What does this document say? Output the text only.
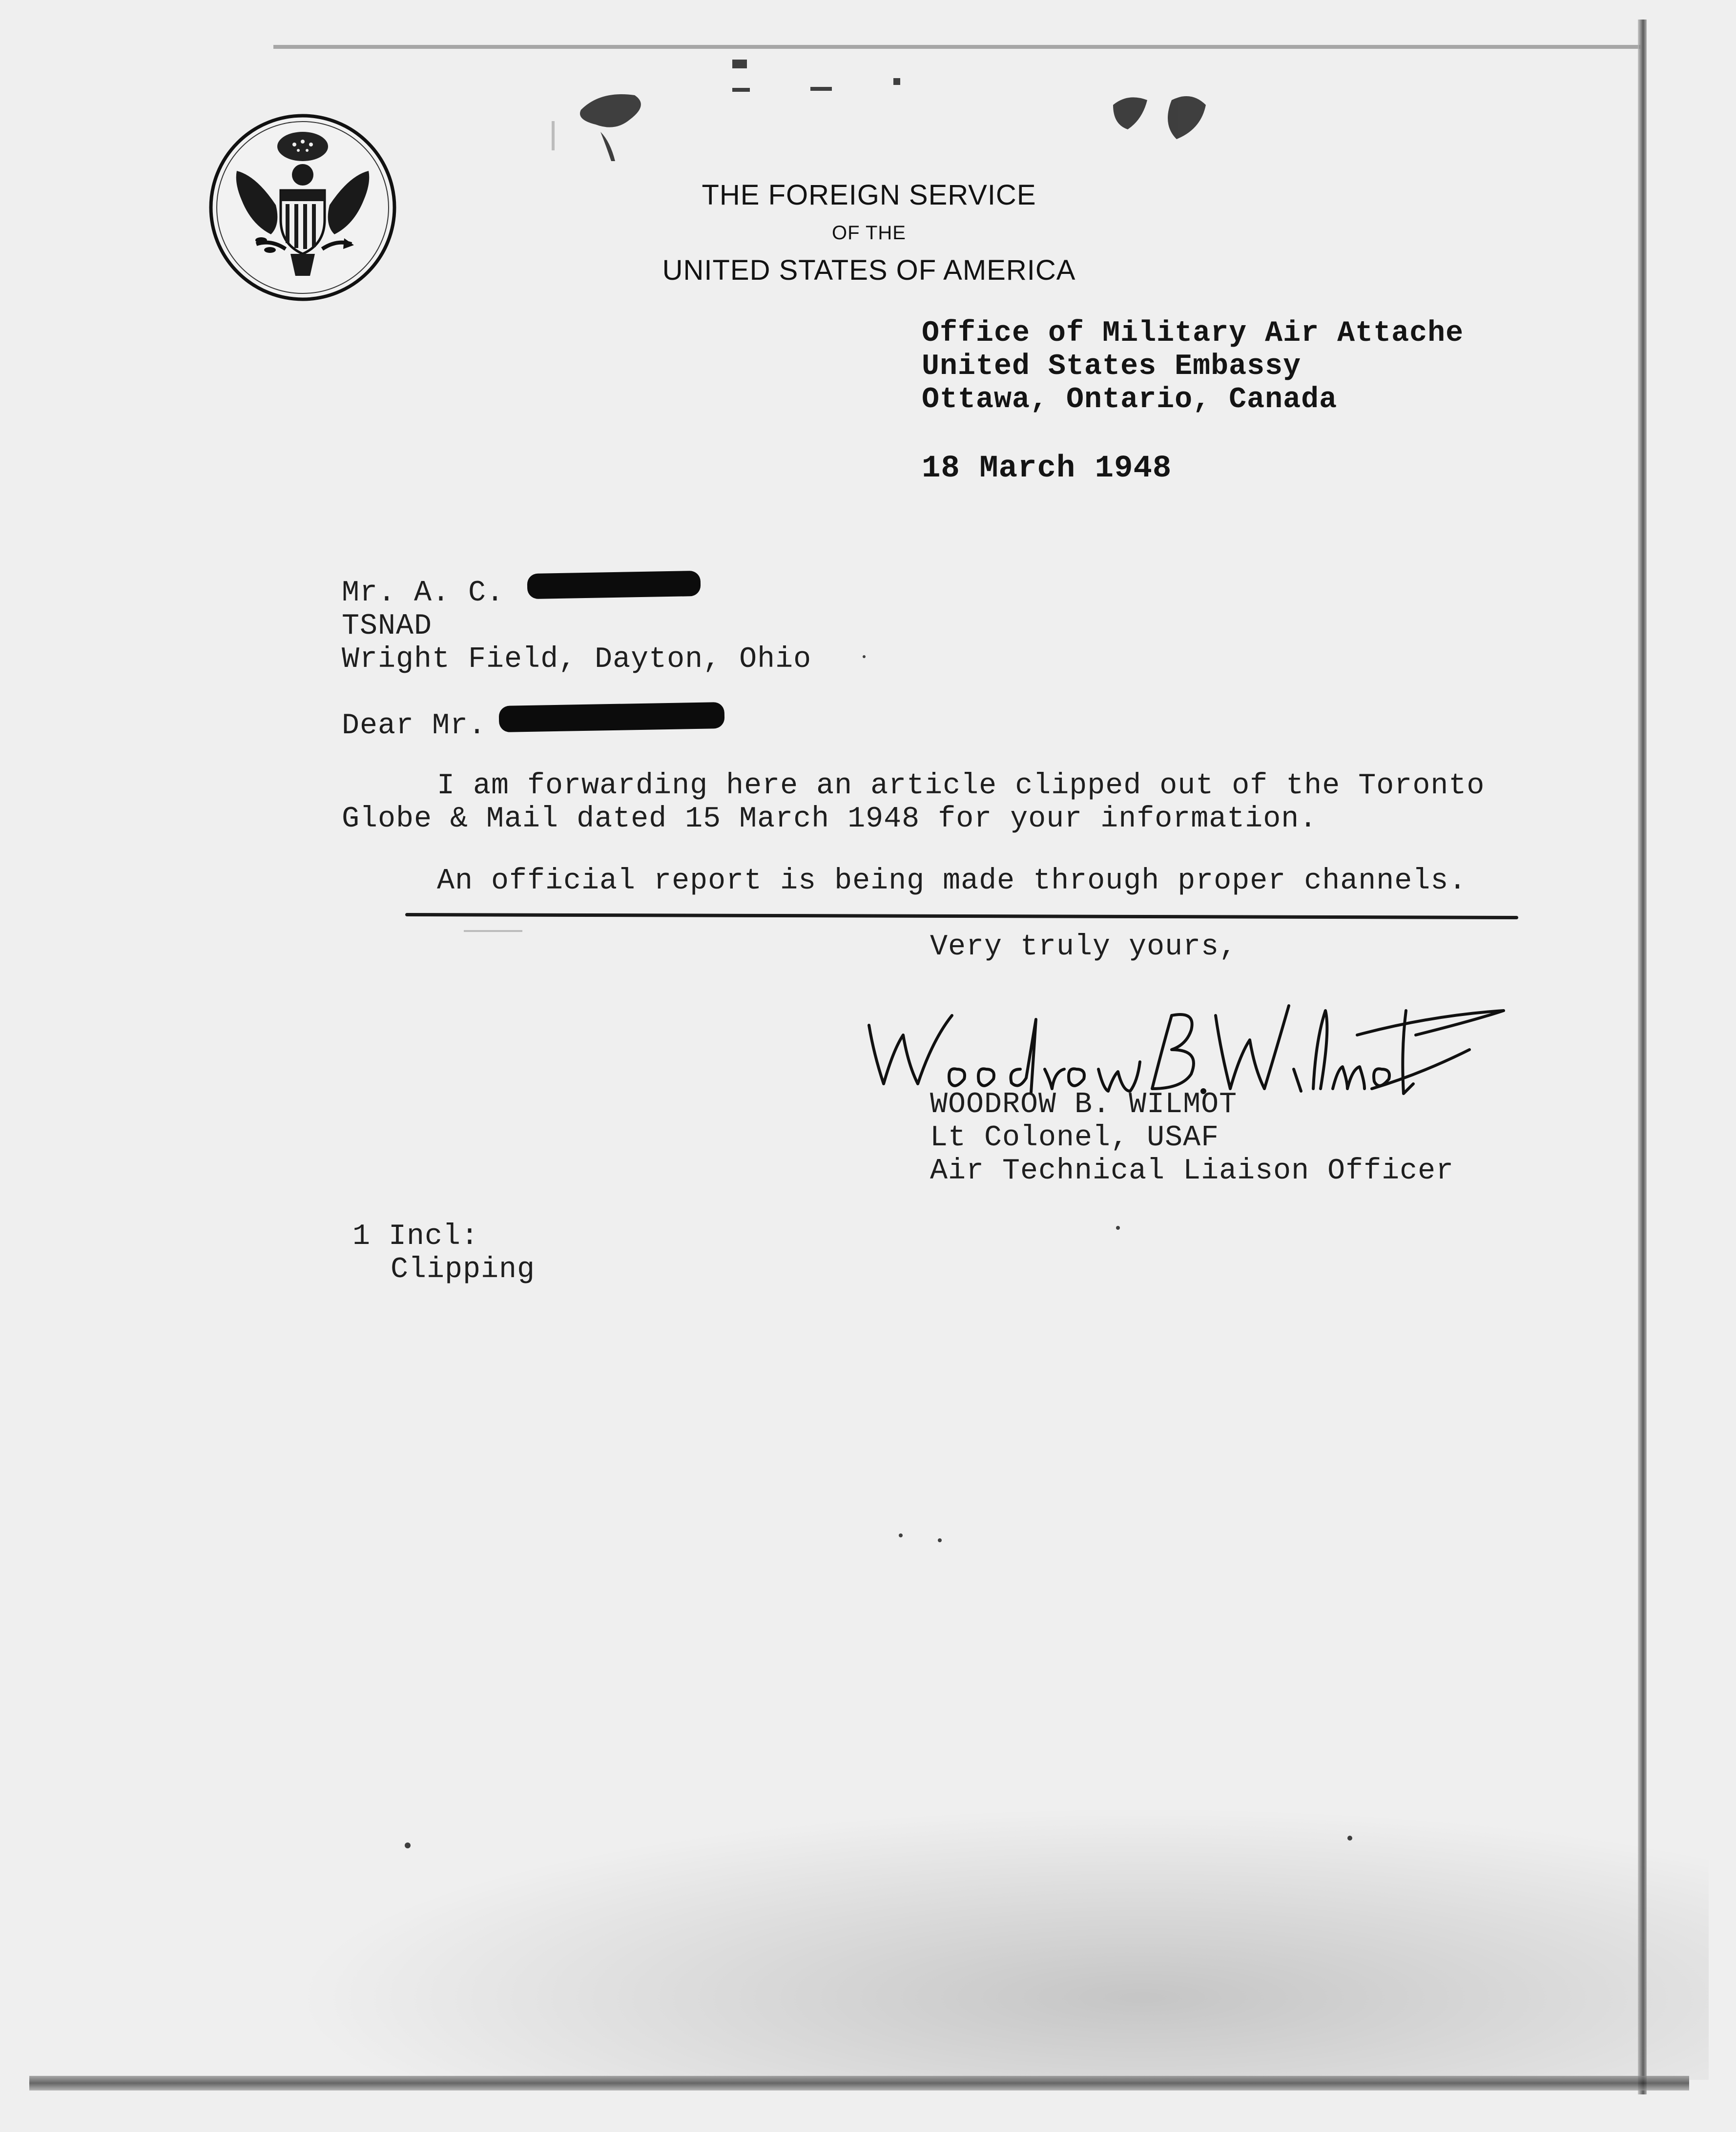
THE FOREIGN SERVICE
OF THE
UNITED STATES OF AMERICA
Office of Military Air Attache
United States Embassy
Ottawa, Ontario, Canada
18 March 1948
Mr. A. C.
TSNAD
Wright Field, Dayton, Ohio
Dear Mr.
I am forwarding here an article clipped out of the Toronto
Globe & Mail dated 15 March 1948 for your information.
An official report is being made through proper channels.
Very truly yours,
WOODROW B. WILMOT
Lt Colonel, USAF
Air Technical Liaison Officer
1 Incl:
Clipping
